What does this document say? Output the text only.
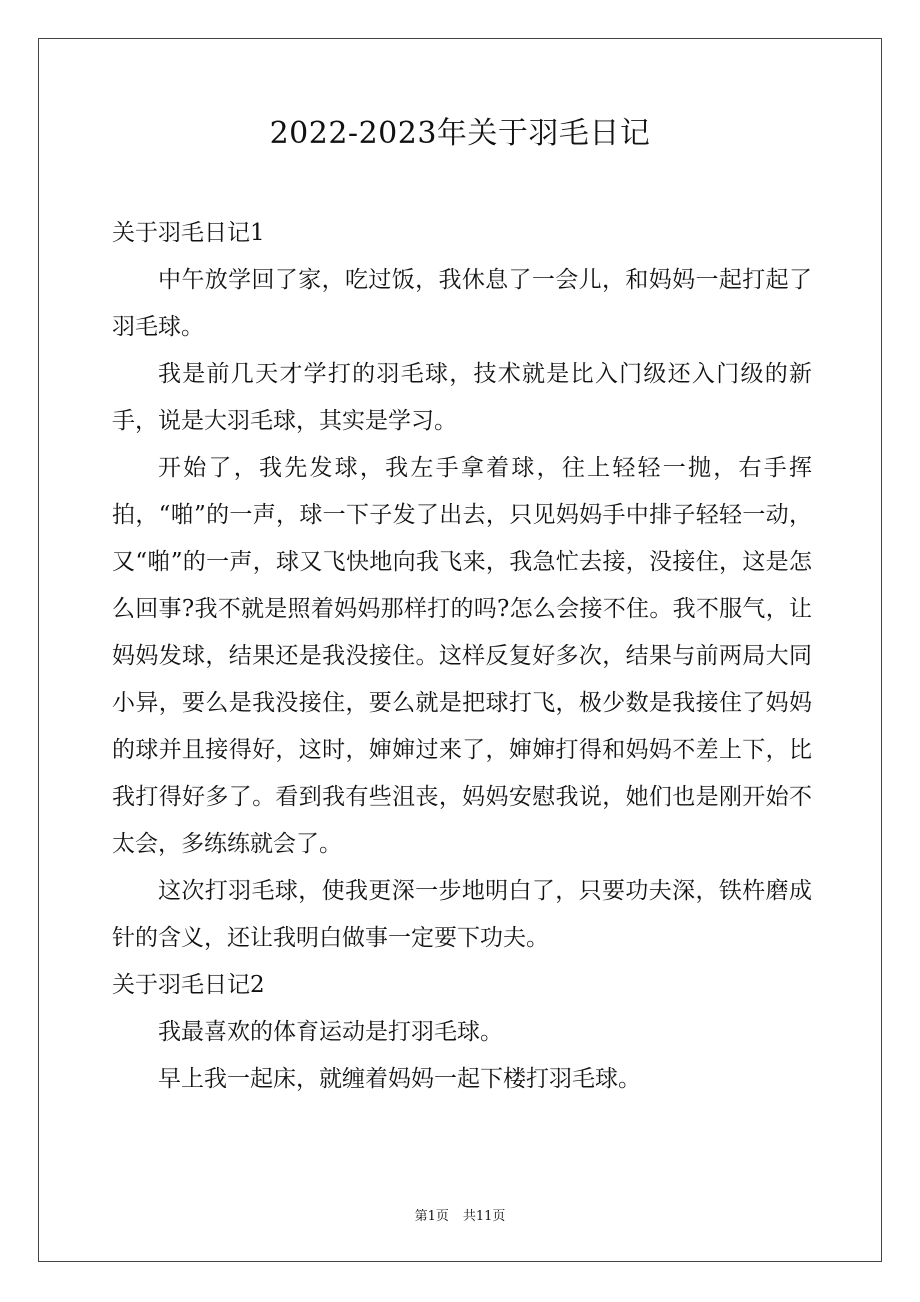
2022-2023年关于羽毛日记
关于羽毛日记1

中午放学回了家，吃过饭，我休息了一会儿，和妈妈一起打起了羽毛球。

我是前几天才学打的羽毛球，技术就是比入门级还入门级的新手，说是大羽毛球，其实是学习。

开始了，我先发球，我左手拿着球，往上轻轻一抛，右手挥拍，“啪”的一声，球一下子发了出去，只见妈妈手中排子轻轻一动，又“啪”的一声，球又飞快地向我飞来，我急忙去接，没接住，这是怎么回事?我不就是照着妈妈那样打的吗?怎么会接不住。我不服气，让妈妈发球，结果还是我没接住。这样反复好多次，结果与前两局大同小异，要么是我没接住，要么就是把球打飞，极少数是我接住了妈妈的球并且接得好，这时，婶婶过来了，婶婶打得和妈妈不差上下，比我打得好多了。看到我有些沮丧，妈妈安慰我说，她们也是刚开始不太会，多练练就会了。

这次打羽毛球，使我更深一步地明白了，只要功夫深，铁杵磨成针的含义，还让我明白做事一定要下功夫。

关于羽毛日记2

我最喜欢的体育运动是打羽毛球。

早上我一起床，就缠着妈妈一起下楼打羽毛球。

第1页 共11页
